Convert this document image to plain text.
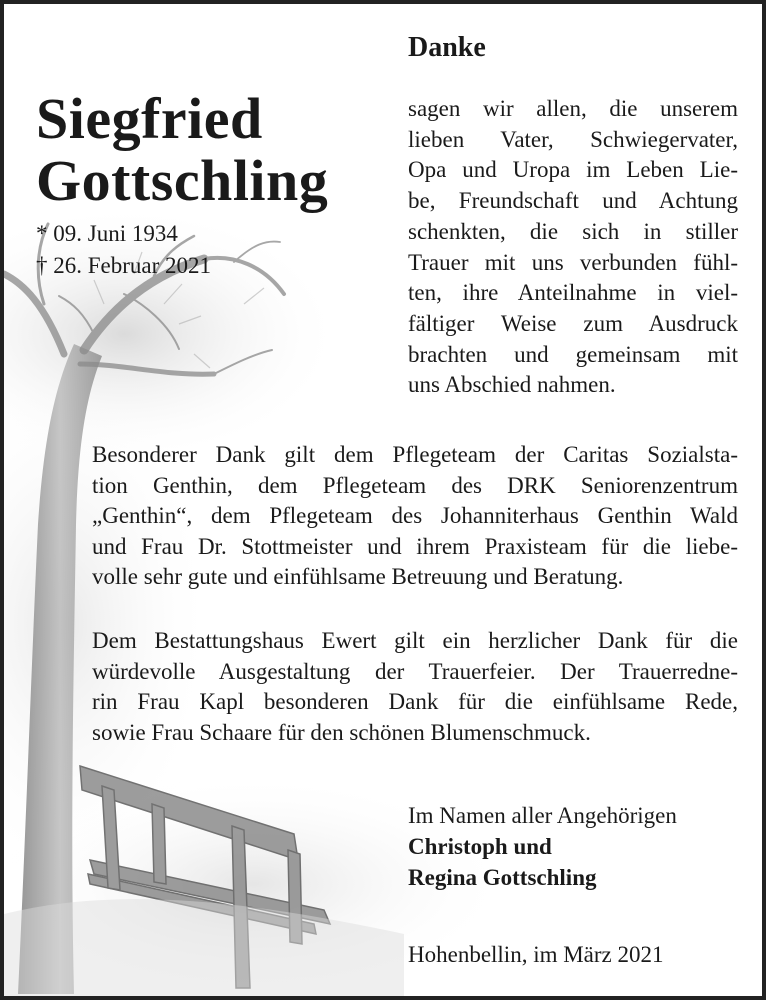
Danke
Siegfried
Gottschling
* 09. Juni 1934
† 26. Februar 2021
sagen wir allen, die unserem
lieben Vater, Schwiegervater,
Opa und Uropa im Leben Lie-
be, Freundschaft und Achtung
schenkten, die sich in stiller
Trauer mit uns verbunden fühl-
ten, ihre Anteilnahme in viel-
fältiger Weise zum Ausdruck
brachten und gemeinsam mit
uns Abschied nahmen.
Besonderer Dank gilt dem Pflegeteam der Caritas Sozialsta-
tion Genthin, dem Pflegeteam des DRK Seniorenzentrum
„Genthin“, dem Pflegeteam des Johanniterhaus Genthin Wald
und Frau Dr. Stottmeister und ihrem Praxisteam für die liebe-
volle sehr gute und einfühlsame Betreuung und Beratung.
Dem Bestattungshaus Ewert gilt ein herzlicher Dank für die
würdevolle Ausgestaltung der Trauerfeier. Der Trauerredne-
rin Frau Kapl besonderen Dank für die einfühlsame Rede,
sowie Frau Schaare für den schönen Blumenschmuck.
Im Namen aller Angehörigen
Christoph und
Regina Gottschling
Hohenbellin, im März 2021
